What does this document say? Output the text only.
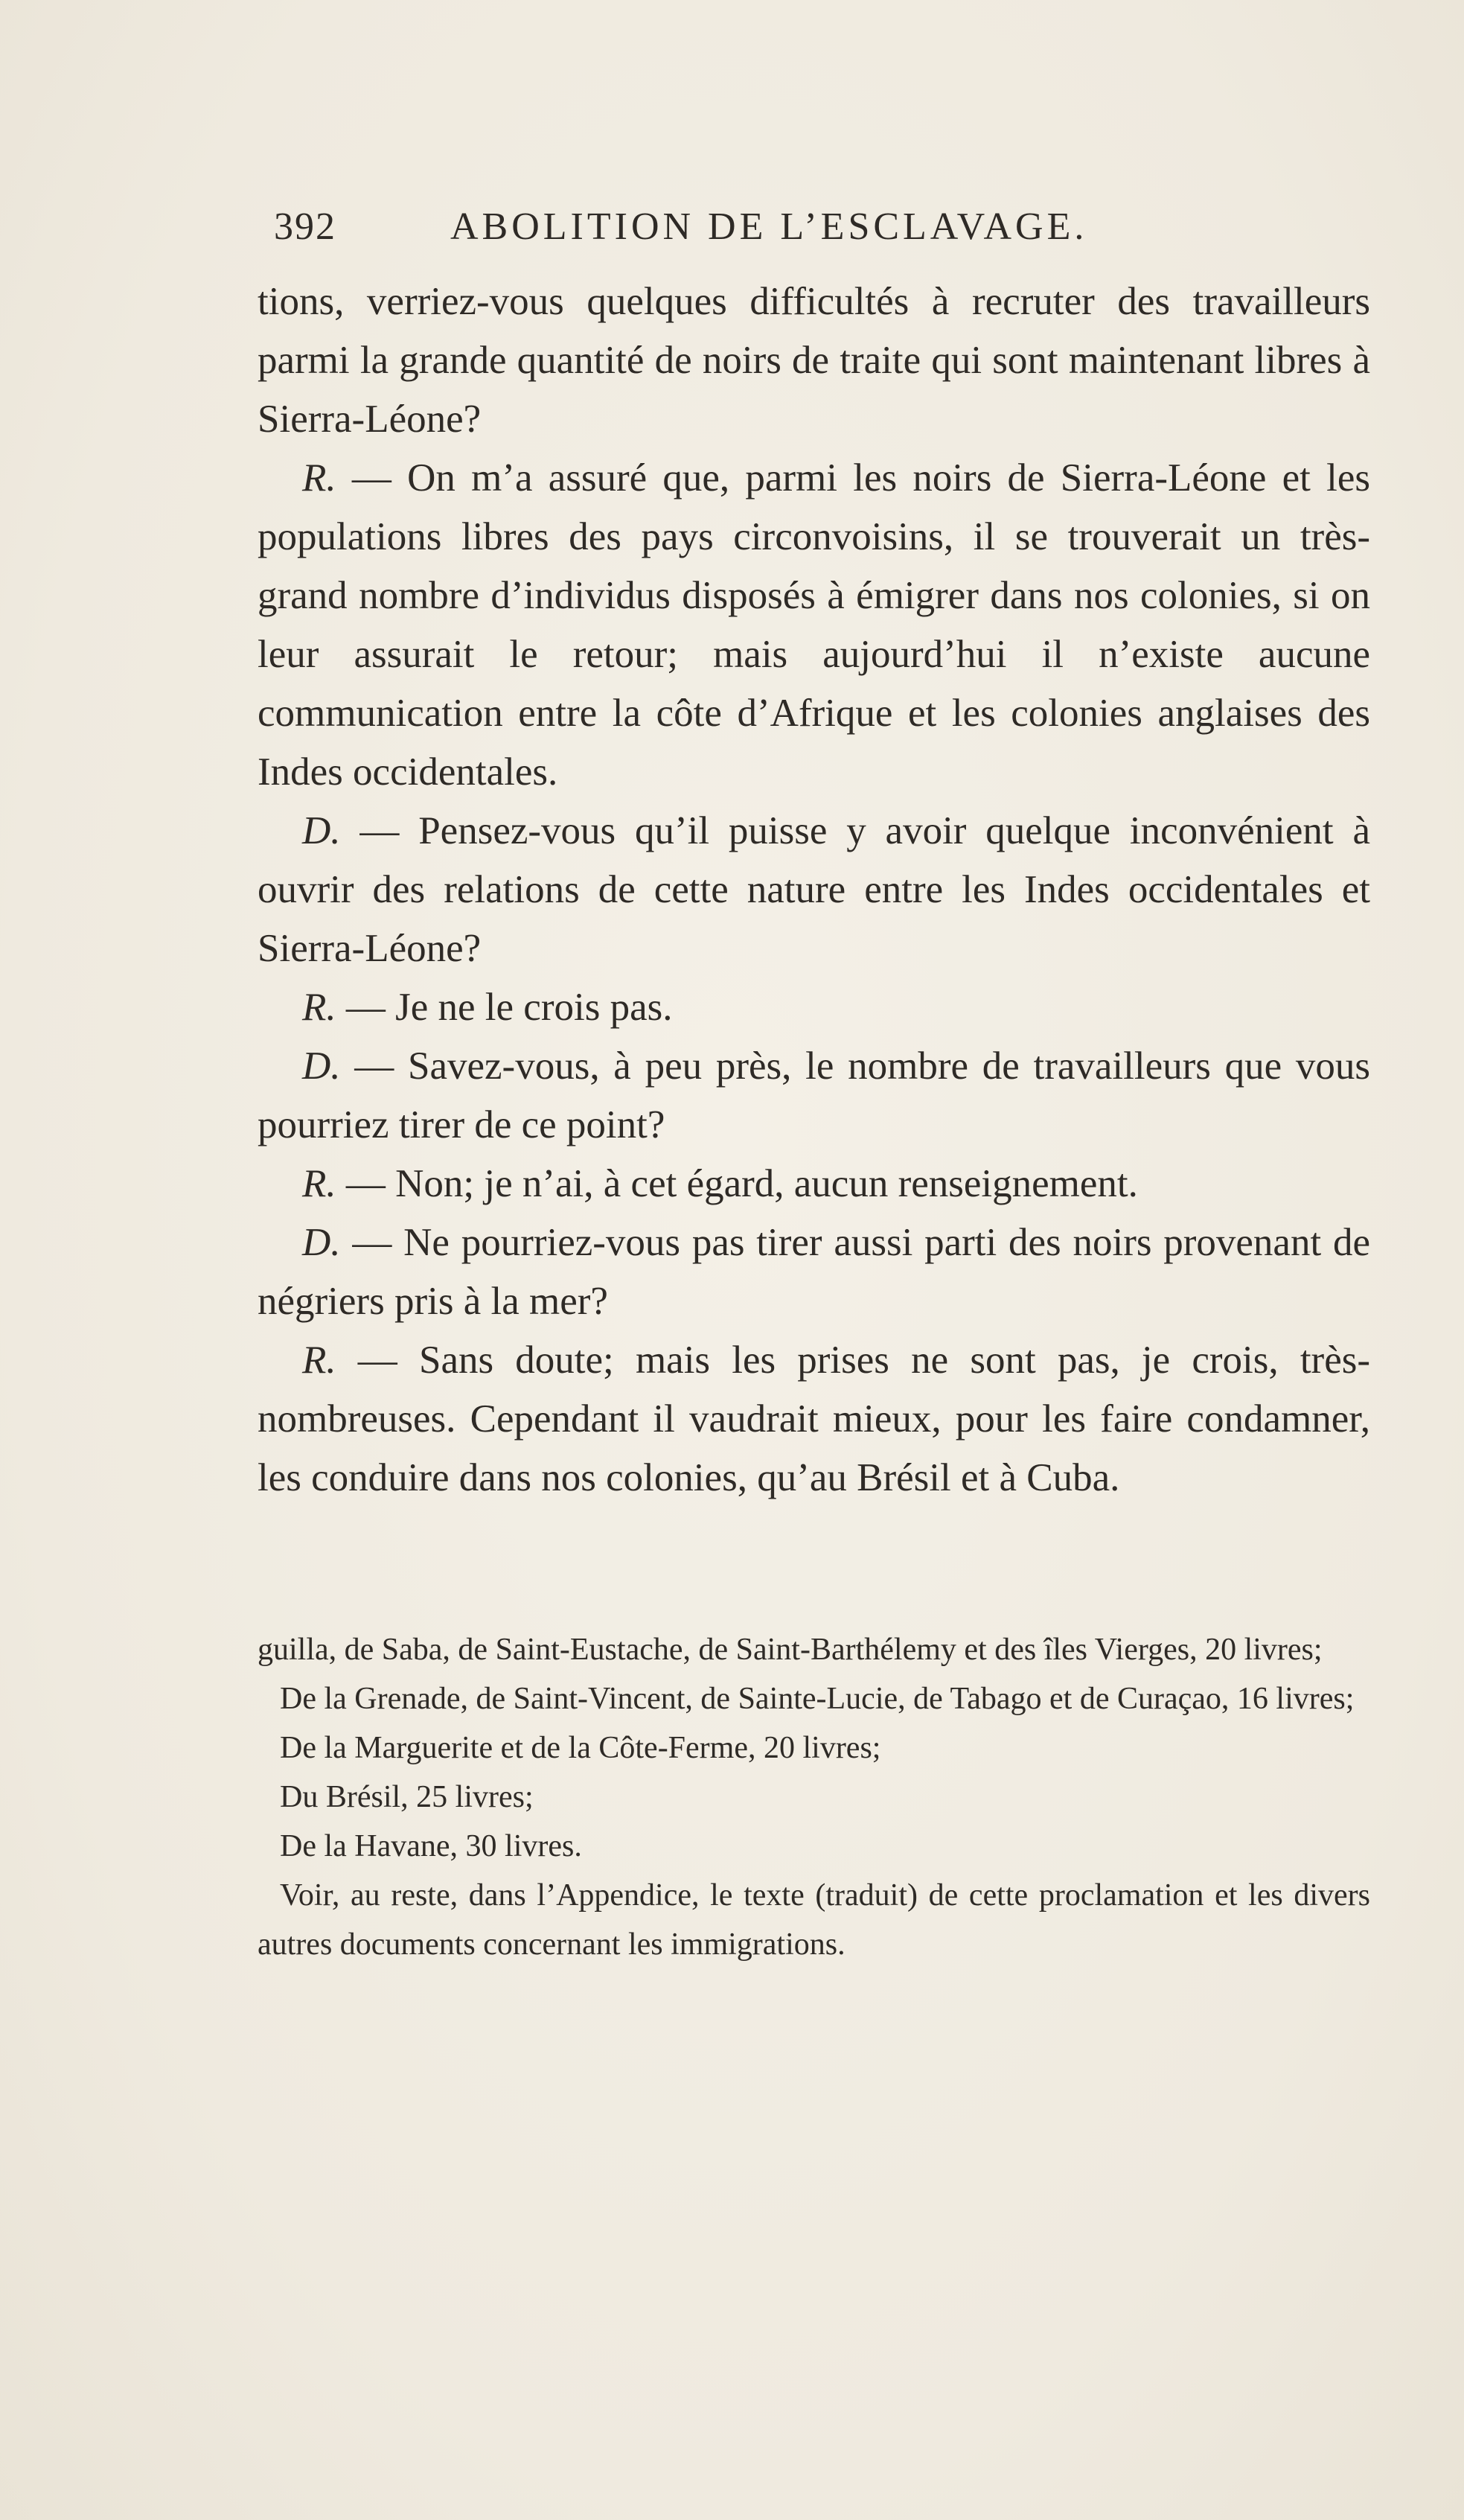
392	ABOLITION DE L’ESCLAVAGE.

tions, verriez-vous quelques difficultés à recruter des travailleurs parmi la grande quantité de noirs de traite qui sont maintenant libres à Sierra-Léone?

R. — On m’a assuré que, parmi les noirs de Sierra-Léone et les populations libres des pays circonvoisins, il se trouverait un très-grand nombre d’individus disposés à émigrer dans nos colonies, si on leur assurait le retour; mais aujourd’hui il n’existe aucune communication entre la côte d’Afrique et les colonies anglaises des Indes occidentales.

D. — Pensez-vous qu’il puisse y avoir quelque inconvénient à ouvrir des relations de cette nature entre les Indes occidentales et Sierra-Léone?

R. — Je ne le crois pas.

D. — Savez-vous, à peu près, le nombre de travailleurs que vous pourriez tirer de ce point?

R. — Non; je n’ai, à cet égard, aucun renseignement.

D. — Ne pourriez-vous pas tirer aussi parti des noirs provenant de négriers pris à la mer?

R. — Sans doute; mais les prises ne sont pas, je crois, très-nombreuses. Cependant il vaudrait mieux, pour les faire condamner, les conduire dans nos colonies, qu’au Brésil et à Cuba.

guilla, de Saba, de Saint-Eustache, de Saint-Barthélemy et des îles Vierges, 20 livres;

De la Grenade, de Saint-Vincent, de Sainte-Lucie, de Tabago et de Curaçao, 16 livres;

De la Marguerite et de la Côte-Ferme, 20 livres;

Du Brésil, 25 livres;

De la Havane, 30 livres.

Voir, au reste, dans l’Appendice, le texte (traduit) de cette proclamation et les divers autres documents concernant les immigrations.
